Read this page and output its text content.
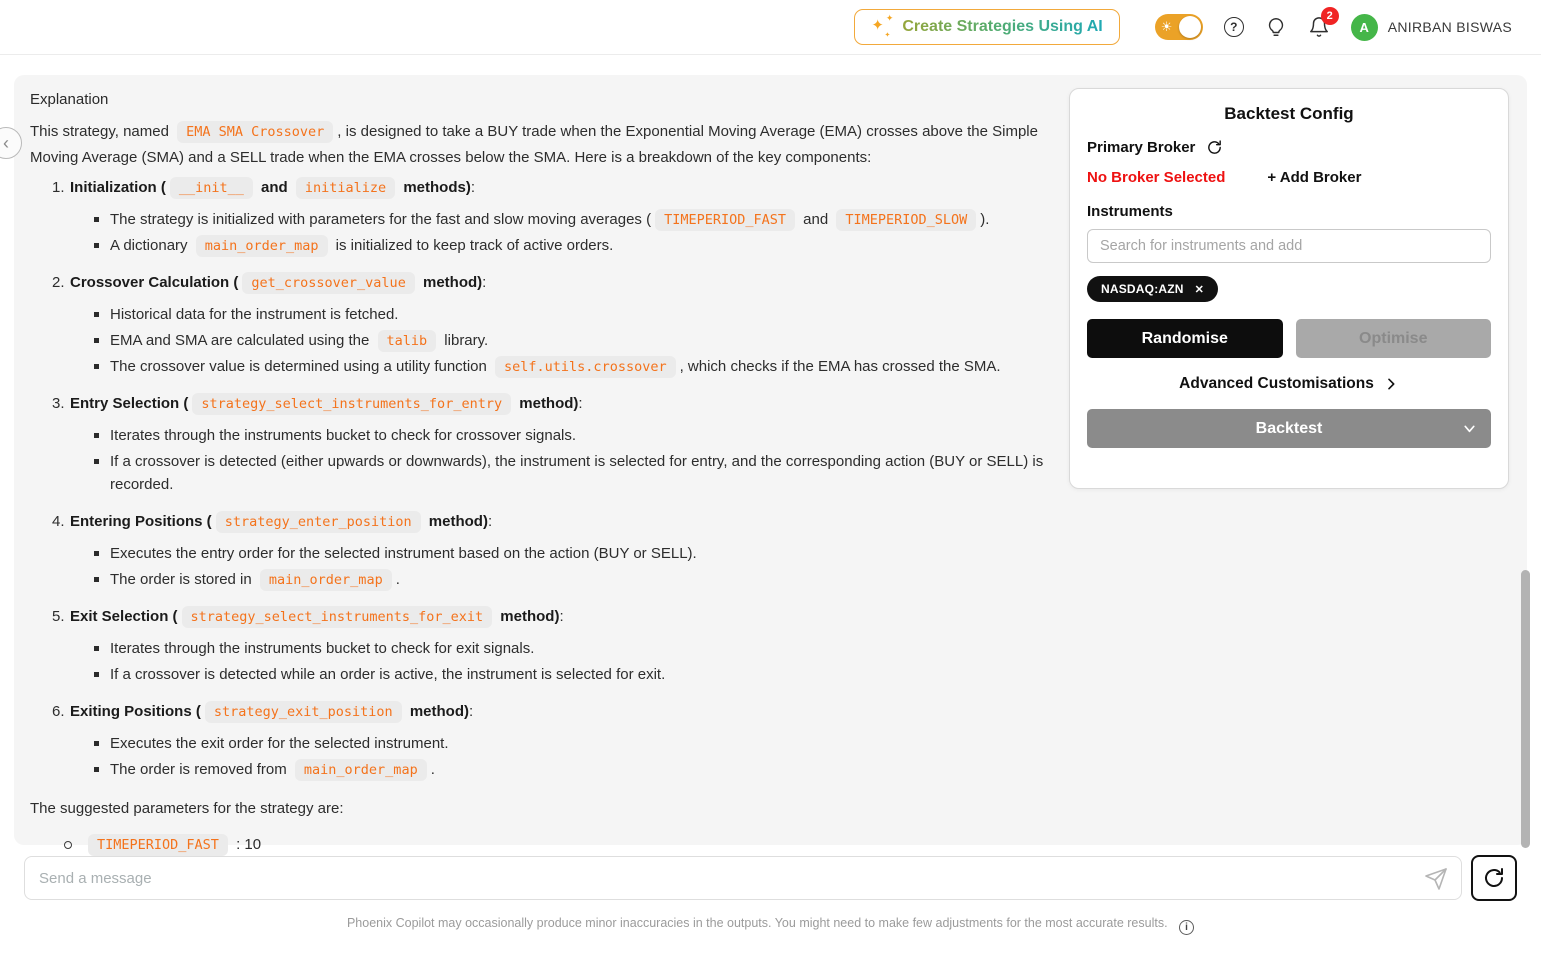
✦ ✦
✦
Create Strategies Using AI	☀	?
2
A	ANIRBAN BISWAS
‹
Explanation

This strategy, named EMA SMA Crossover , is designed to take a BUY trade when the Exponential Moving Average (EMA) crosses above the Simple Moving Average (SMA) and a SELL trade when the EMA crosses below the SMA. Here is a breakdown of the key components:

1. Initialization ( __init__ and initialize methods):
The strategy is initialized with parameters for the fast and slow moving averages ( TIMEPERIOD_FAST and TIMEPERIOD_SLOW ).
A dictionary main_order_map is initialized to keep track of active orders.
2. Crossover Calculation ( get_crossover_value method):
Historical data for the instrument is fetched.
EMA and SMA are calculated using the talib library.
The crossover value is determined using a utility function self.utils.crossover , which checks if the EMA has crossed the SMA.
3. Entry Selection ( strategy_select_instruments_for_entry method):
Iterates through the instruments bucket to check for crossover signals.
If a crossover is detected (either upwards or downwards), the instrument is selected for entry, and the corresponding action (BUY or SELL) is recorded.
4. Entering Positions ( strategy_enter_position method):
Executes the entry order for the selected instrument based on the action (BUY or SELL).
The order is stored in main_order_map .
5. Exit Selection ( strategy_select_instruments_for_exit method):
Iterates through the instruments bucket to check for exit signals.
If a crossover is detected while an order is active, the instrument is selected for exit.
6. Exiting Positions ( strategy_exit_position method):
Executes the exit order for the selected instrument.
The order is removed from main_order_map .

The suggested parameters for the strategy are:

TIMEPERIOD_FAST : 10
Backtest Config
Primary Broker
No Broker Selected	+ Add Broker
Instruments
Search for instruments and add
NASDAQ:AZN ✕
Randomise	Optimise
Advanced Customisations
Backtest
Send a message
Phoenix Copilot may occasionally produce minor inaccuracies in the outputs. You might need to make few adjustments for the most accurate results. i
